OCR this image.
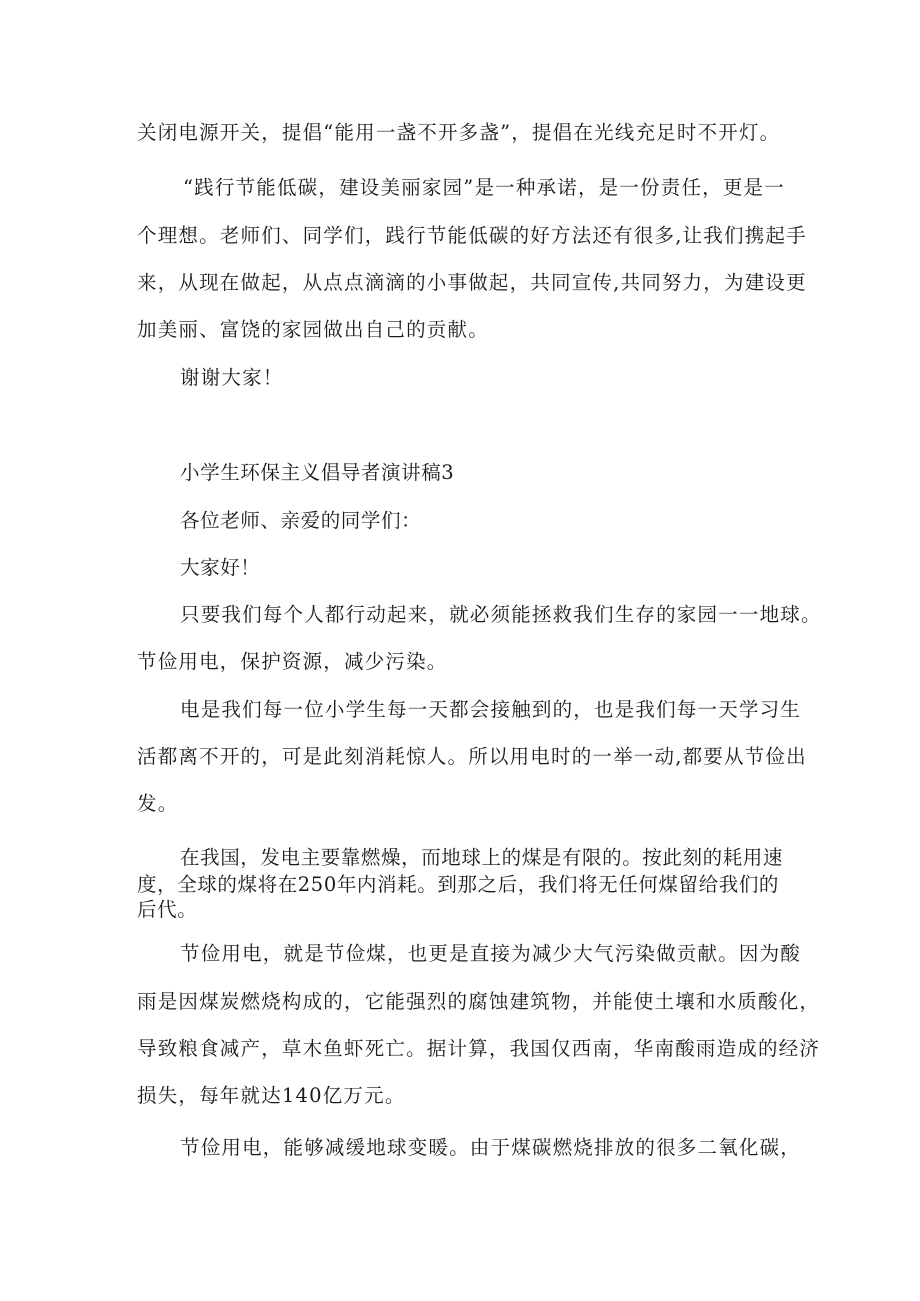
关闭电源开关，提倡“能用一盏不开多盏”，提倡在光线充足时不开灯。

“践行节能低碳，建设美丽家园”是一种承诺，是一份责任，更是一

个理想。老师们、同学们，践行节能低碳的好方法还有很多,让我们携起手

来，从现在做起，从点点滴滴的小事做起，共同宣传,共同努力，为建设更

加美丽、富饶的家园做出自己的贡献。

谢谢大家！

小学生环保主义倡导者演讲稿3

各位老师、亲爱的同学们：

大家好！

只要我们每个人都行动起来，就必须能拯救我们生存的家园一一地球。

节俭用电，保护资源，减少污染。

电是我们每一位小学生每一天都会接触到的，也是我们每一天学习生

活都离不开的，可是此刻消耗惊人。所以用电时的一举一动,都要从节俭出

发。

在我国，发电主要靠燃燥，而地球上的煤是有限的。按此刻的耗用速

度，全球的煤将在250年内消耗。到那之后，我们将无任何煤留给我们的

后代。

节俭用电，就是节俭煤，也更是直接为减少大气污染做贡献。因为酸

雨是因煤炭燃烧构成的，它能强烈的腐蚀建筑物，并能使土壤和水质酸化，

导致粮食减产，草木鱼虾死亡。据计算，我国仅西南，华南酸雨造成的经济

损失，每年就达140亿万元。

节俭用电，能够减缓地球变暖。由于煤碳燃烧排放的很多二氧化碳，
